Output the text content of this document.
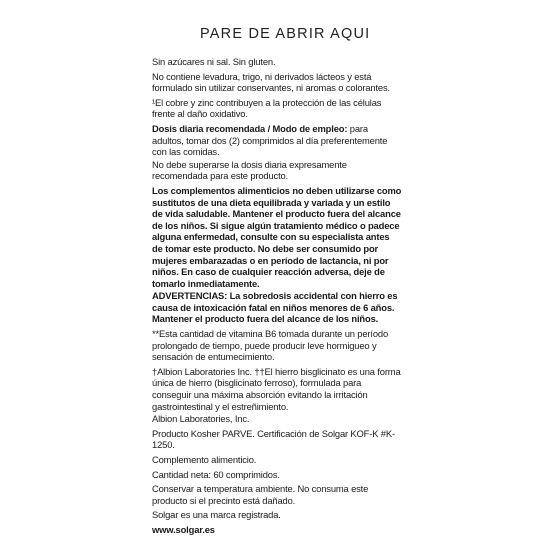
PARE DE ABRIR AQUI

Sin azúcares ni sal. Sin gluten.

No contiene levadura, trigo, ni derivados lácteos y está formulado sin utilizar conservantes, ni aromas o colorantes.

¹El cobre y zinc contribuyen a la protección de las células frente al daño oxidativo.

Dosis diaria recomendada / Modo de empleo: para adultos, tomar dos (2) comprimidos al día preferentemente con las comidas.

No debe superarse la dosis diaria expresamente recomendada para este producto.

Los complementos alimenticios no deben utilizarse como sustitutos de una dieta equilibrada y variada y un estilo de vida saludable. Mantener el producto fuera del alcance de los niños. Si sigue algún tratamiento médico o padece alguna enfermedad, consulte con su especialista antes de tomar este producto. No debe ser consumido por mujeres embarazadas o en período de lactancia, ni por niños. En caso de cualquier reacción adversa, deje de tomarlo inmediatamente.

ADVERTENCIAS: La sobredosis accidental con hierro es causa de intoxicación fatal en niños menores de 6 años. Mantener el producto fuera del alcance de los niños.

**Esta cantidad de vitamina B6 tomada durante un período prolongado de tiempo, puede producir leve hormigueo y sensación de entumecimiento.

†Albion Laboratories Inc. ††El hierro bisglicinato es una forma única de hierro (bisglicinato ferroso), formulada para conseguir una máxima absorción evitando la irritación gastrointestinal y el estreñimiento.

Albion Laboratories, Inc.

Producto Kosher PARVE. Certificación de Solgar KOF-K #K-1250.

Complemento alimenticio.

Cantidad neta: 60 comprimidos.

Conservar a temperatura ambiente. No consuma este producto si el precinto está dañado.

Solgar es una marca registrada.

www.solgar.es
